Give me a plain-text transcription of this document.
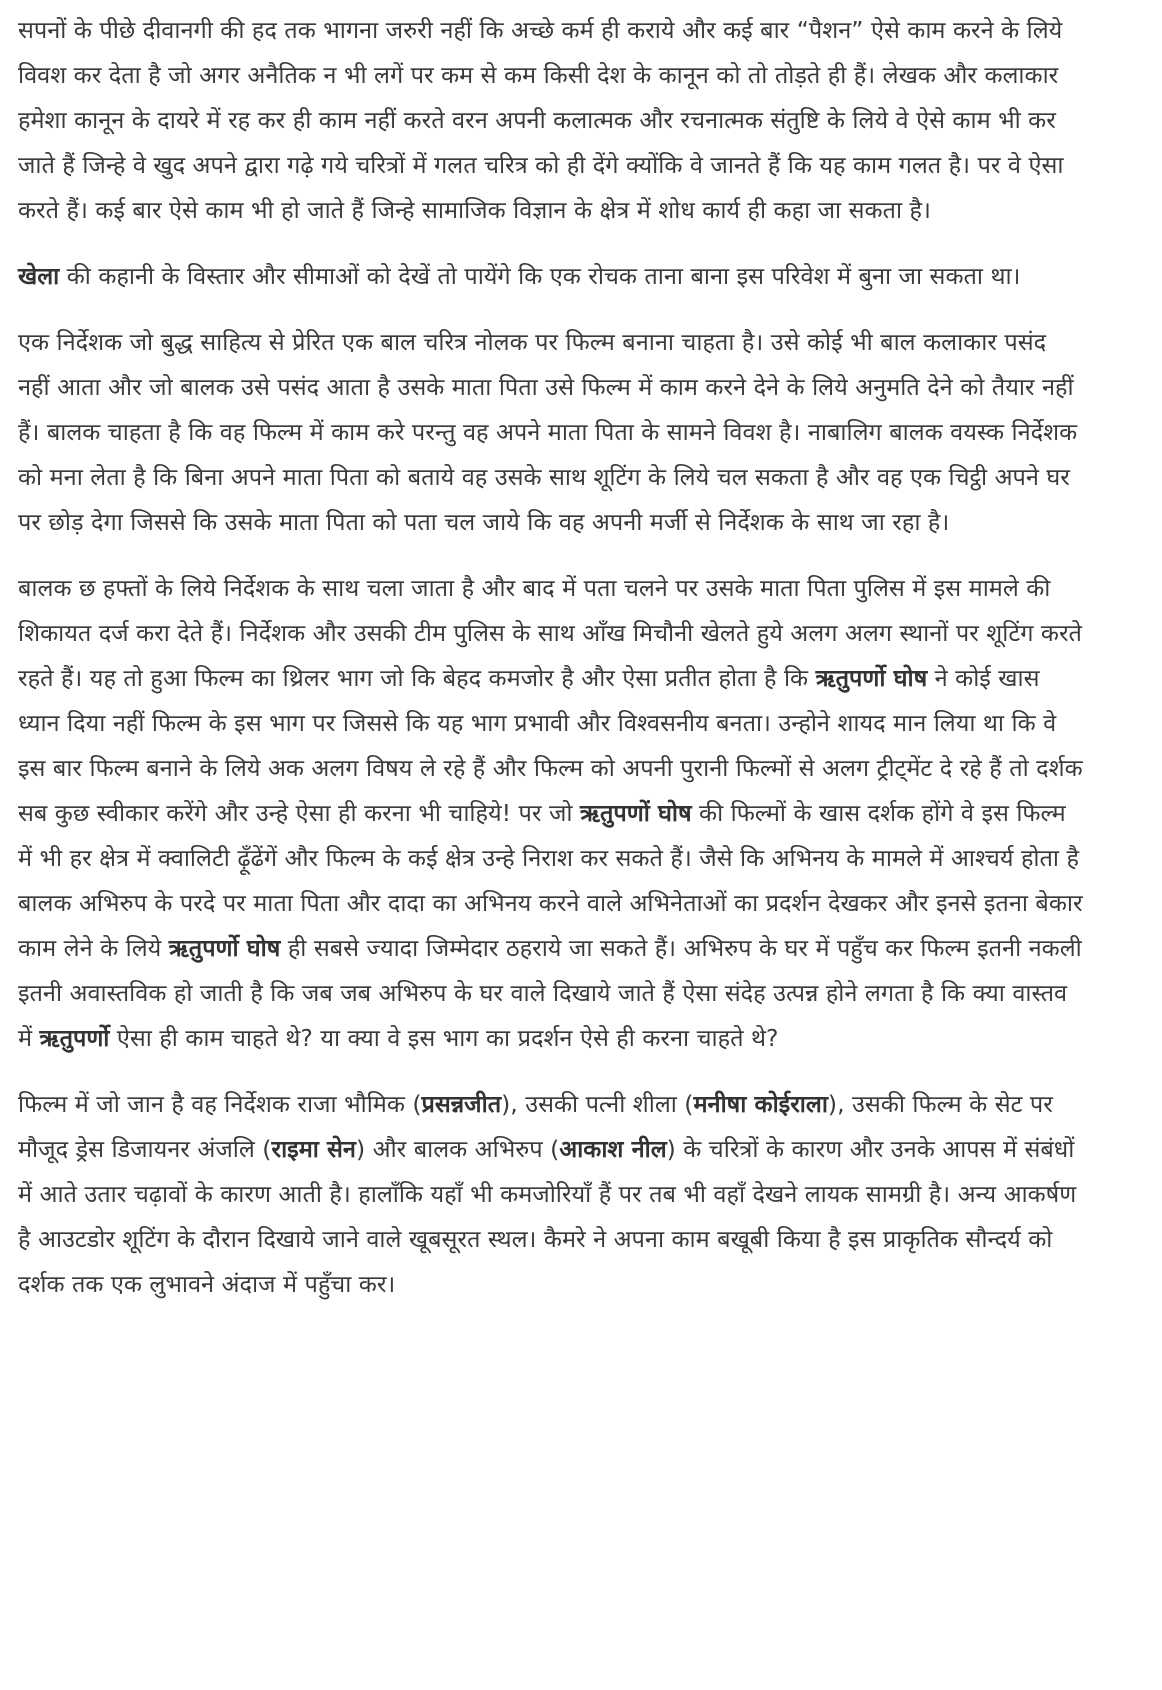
सपनों के पीछे दीवानगी की हद तक भागना जरुरी नहीं कि अच्छे कर्म ही कराये और कई बार “पैशन” ऐसे काम करने के लिये विवश कर देता है जो अगर अनैतिक न भी लगें पर कम से कम किसी देश के कानून को तो तोड़ते ही हैं। लेखक और कलाकार हमेशा कानून के दायरे में रह कर ही काम नहीं करते वरन अपनी कलात्मक और रचनात्मक संतुष्टि के लिये वे ऐसे काम भी कर जाते हैं जिन्हे वे खुद अपने द्वारा गढ़े गये चरित्रों में गलत चरित्र को ही देंगे क्योंकि वे जानते हैं कि यह काम गलत है। पर वे ऐसा करते हैं। कई बार ऐसे काम भी हो जाते हैं जिन्हे सामाजिक विज्ञान के क्षेत्र में शोध कार्य ही कहा जा सकता है।

खेला की कहानी के विस्तार और सीमाओं को देखें तो पायेंगे कि एक रोचक ताना बाना इस परिवेश में बुना जा सकता था।

एक निर्देशक जो बुद्ध साहित्य से प्रेरित एक बाल चरित्र नोलक पर फिल्म बनाना चाहता है। उसे कोई भी बाल कलाकार पसंद नहीं आता और जो बालक उसे पसंद आता है उसके माता पिता उसे फिल्म में काम करने देने के लिये अनुमति देने को तैयार नहीं हैं। बालक चाहता है कि वह फिल्म में काम करे परन्तु वह अपने माता पिता के सामने विवश है। नाबालिग बालक वयस्क निर्देशक को मना लेता है कि बिना अपने माता पिता को बताये वह उसके साथ शूटिंग के लिये चल सकता है और वह एक चिट्ठी अपने घर पर छोड़ देगा जिससे कि उसके माता पिता को पता चल जाये कि वह अपनी मर्जी से निर्देशक के साथ जा रहा है।

बालक छ हफ्तों के लिये निर्देशक के साथ चला जाता है और बाद में पता चलने पर उसके माता पिता पुलिस में इस मामले की शिकायत दर्ज करा देते हैं। निर्देशक और उसकी टीम पुलिस के साथ आँख मिचौनी खेलते हुये अलग अलग स्थानों पर शूटिंग करते रहते हैं। यह तो हुआ फिल्म का थ्रिलर भाग जो कि बेहद कमजोर है और ऐसा प्रतीत होता है कि ऋतुपर्णो घोष ने कोई खास ध्यान दिया नहीं फिल्म के इस भाग पर जिससे कि यह भाग प्रभावी और विश्वसनीय बनता। उन्होने शायद मान लिया था कि वे इस बार फिल्म बनाने के लिये अक अलग विषय ले रहे हैं और फिल्म को अपनी पुरानी फिल्मों से अलग ट्रीट्मेंट दे रहे हैं तो दर्शक सब कुछ स्वीकार करेंगे और उन्हे ऐसा ही करना भी चाहिये! पर जो ऋतुपणों घोष की फिल्मों के खास दर्शक होंगे वे इस फिल्म में भी हर क्षेत्र में क्वालिटी ढ़ूँढेंगें और फिल्म के कई क्षेत्र उन्हे निराश कर सकते हैं। जैसे कि अभिनय के मामले में आश्चर्य होता है बालक अभिरुप के परदे पर माता पिता और दादा का अभिनय करने वाले अभिनेताओं का प्रदर्शन देखकर और इनसे इतना बेकार काम लेने के लिये ऋतुपर्णो घोष ही सबसे ज्यादा जिम्मेदार ठहराये जा सकते हैं। अभिरुप के घर में पहुँच कर फिल्म इतनी नकली इतनी अवास्तविक हो जाती है कि जब जब अभिरुप के घर वाले दिखाये जाते हैं ऐसा संदेह उत्पन्न होने लगता है कि क्या वास्तव में ऋतुपर्णो ऐसा ही काम चाहते थे? या क्या वे इस भाग का प्रदर्शन ऐसे ही करना चाहते थे?

फिल्म में जो जान है वह निर्देशक राजा भौमिक (प्रसन्नजीत), उसकी पत्नी शीला (मनीषा कोईराला), उसकी फिल्म के सेट पर मौजूद ड्रेस डिजायनर अंजलि (राइमा सेन) और बालक अभिरुप (आकाश नील) के चरित्रों के कारण और उनके आपस में संबंधों में आते उतार चढ़ावों के कारण आती है। हालाँकि यहाँ भी कमजोरियाँ हैं पर तब भी वहाँ देखने लायक सामग्री है। अन्य आकर्षण है आउटडोर शूटिंग के दौरान दिखाये जाने वाले खूबसूरत स्थल। कैमरे ने अपना काम बखूबी किया है इस प्राकृतिक सौन्दर्य को दर्शक तक एक लुभावने अंदाज में पहुँचा कर।
